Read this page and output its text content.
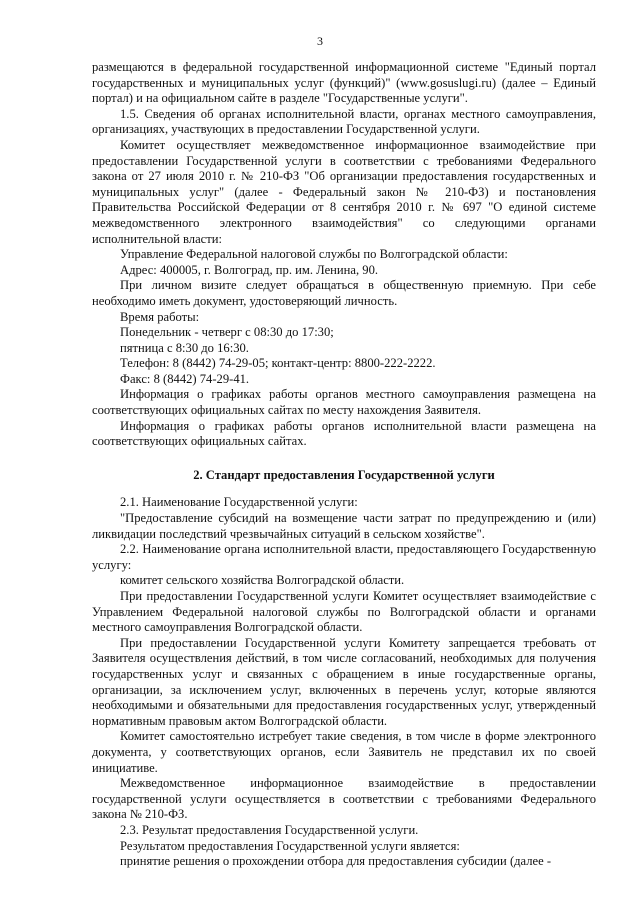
3

размещаются в федеральной государственной информационной системе "Единый портал государственных и муниципальных услуг (функций)" (www.gosuslugi.ru) (далее – Единый портал) и на официальном сайте в разделе "Государственные услуги".

1.5. Сведения об органах исполнительной власти, органах местного самоуправления, организациях, участвующих в предоставлении Государственной услуги.

Комитет осуществляет межведомственное информационное взаимодействие при предоставлении Государственной услуги в соответствии с требованиями Федерального закона от 27 июля 2010 г. № 210-ФЗ "Об организации предоставления государственных и муниципальных услуг" (далее - Федеральный закон № 210-ФЗ) и постановления Правительства Российской Федерации от 8 сентября 2010 г. № 697 "О единой системе межведомственного электронного взаимодействия" со следующими органами исполнительной власти:

Управление Федеральной налоговой службы по Волгоградской области:

Адрес: 400005, г. Волгоград, пр. им. Ленина, 90.

При личном визите следует обращаться в общественную приемную. При себе необходимо иметь документ, удостоверяющий личность.

Время работы:

Понедельник - четверг с 08:30 до 17:30;

пятница с 8:30 до 16:30.

Телефон: 8 (8442) 74-29-05; контакт-центр: 8800-222-2222.

Факс: 8 (8442) 74-29-41.

Информация о графиках работы органов местного самоуправления размещена на соответствующих официальных сайтах по месту нахождения Заявителя.

Информация о графиках работы органов исполнительной власти размещена на соответствующих официальных сайтах.

2. Стандарт предоставления Государственной услуги

2.1. Наименование Государственной услуги:

"Предоставление субсидий на возмещение части затрат по предупреждению и (или) ликвидации последствий чрезвычайных ситуаций в сельском хозяйстве".

2.2. Наименование органа исполнительной власти, предоставляющего Государственную услугу:

комитет сельского хозяйства Волгоградской области.

При предоставлении Государственной услуги Комитет осуществляет взаимодействие с Управлением Федеральной налоговой службы по Волгоградской области и органами местного самоуправления Волгоградской области.

При предоставлении Государственной услуги Комитету запрещается требовать от Заявителя осуществления действий, в том числе согласований, необходимых для получения государственных услуг и связанных с обращением в иные государственные органы, организации, за исключением услуг, включенных в перечень услуг, которые являются необходимыми и обязательными для предоставления государственных услуг, утвержденный нормативным правовым актом Волгоградской области.

Комитет самостоятельно истребует такие сведения, в том числе в форме электронного документа, у соответствующих органов, если Заявитель не представил их по своей инициативе.

Межведомственное информационное взаимодействие в предоставлении государственной услуги осуществляется в соответствии с требованиями Федерального закона № 210-ФЗ.

2.3. Результат предоставления Государственной услуги.

Результатом предоставления Государственной услуги является:

принятие решения о прохождении отбора для предоставления субсидии (далее -
